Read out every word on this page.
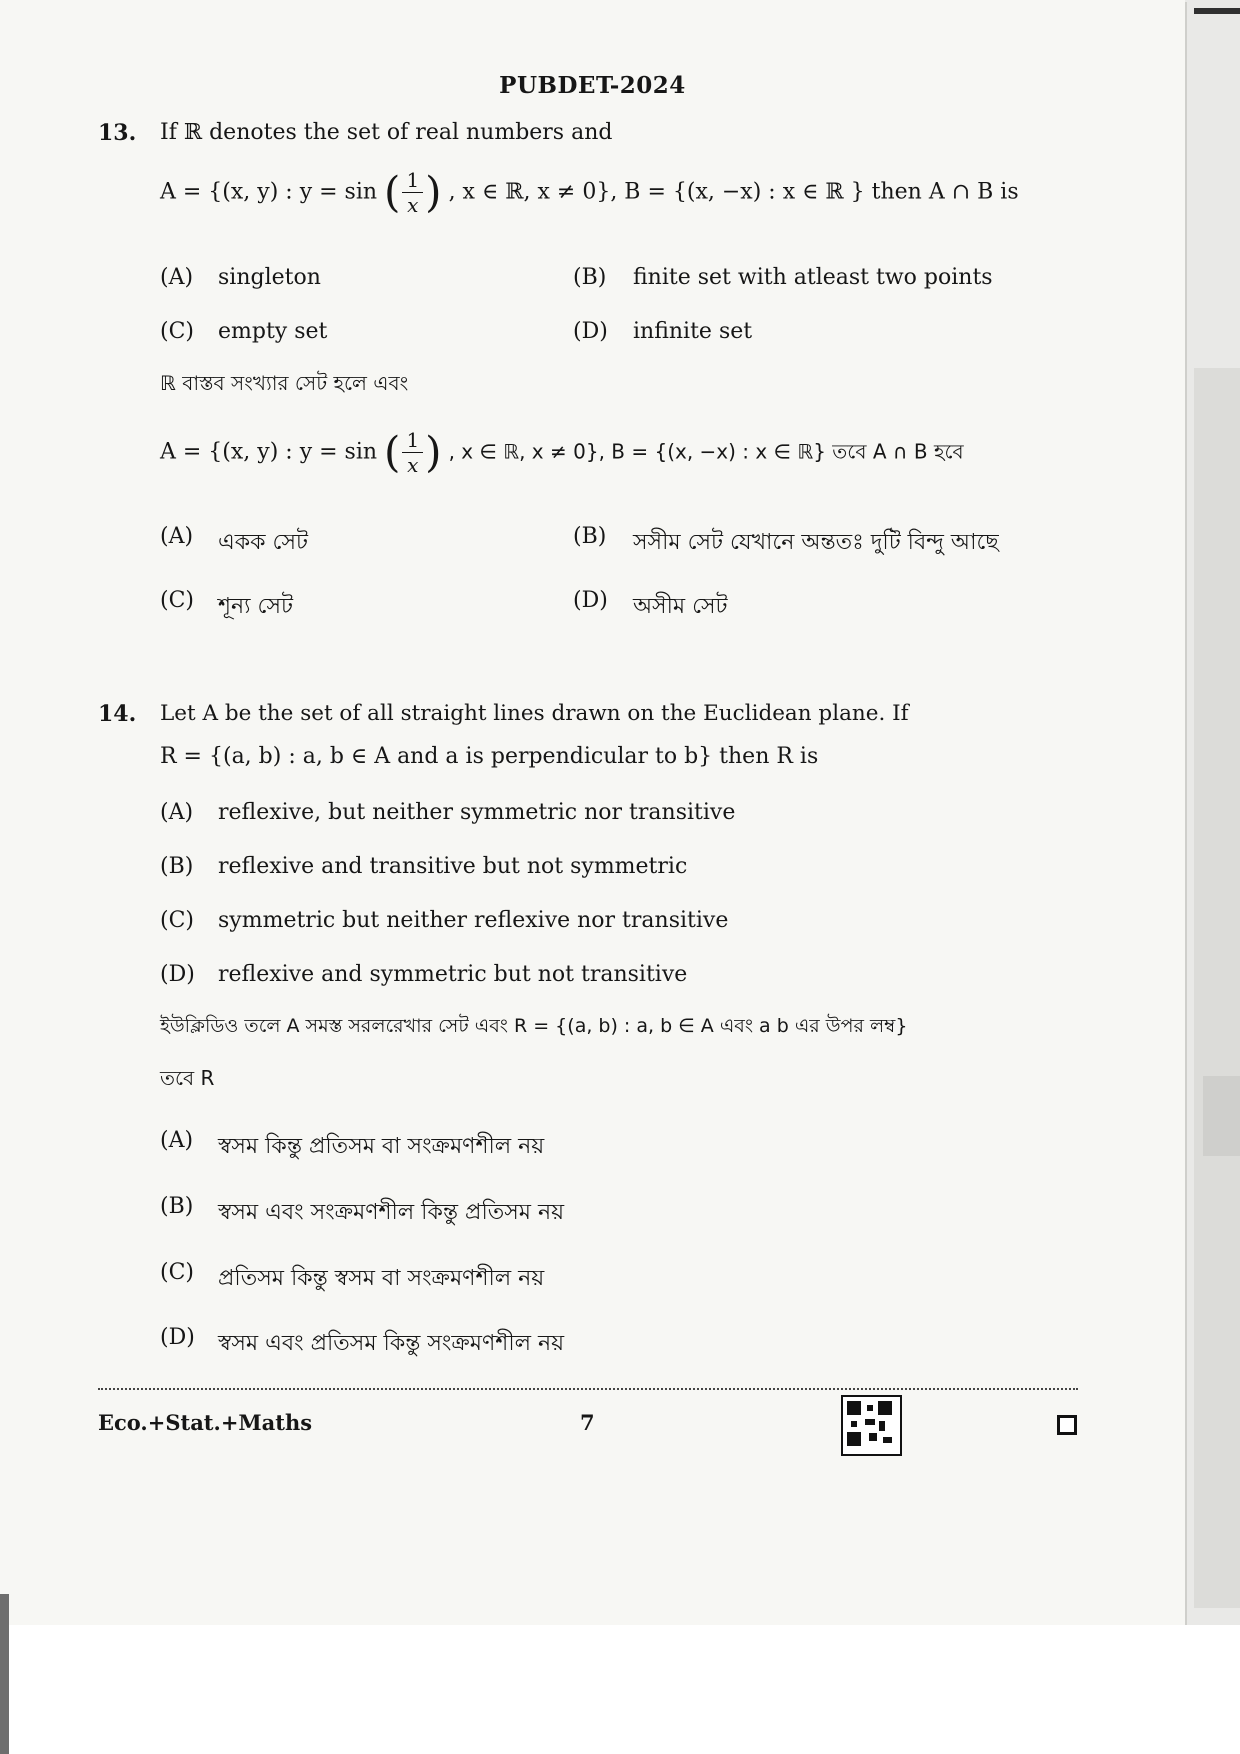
PUBDET-2024
13. If ℝ denotes the set of real numbers and
A = {(x, y) : y = sin ( $\frac{1}{x}$ ) , x ∈ ℝ, x ≠ 0}, B = {(x, −x) : x ∈ ℝ } then A ∩ B is
(A) singleton	(B) finite set with atleast two points
(C) empty set	(D) infinite set
ℝ বাস্তব সংখ্যার সেট হলে এবং
A = {(x, y) : y = sin ( $\frac{1}{x}$ ) , x ∈ ℝ, x ≠ 0}, B = {(x, −x) : x ∈ ℝ} তবে A ∩ B হবে
(A) একক সেট	(B) সসীম সেট যেখানে অন্ততঃ দুটি বিন্দু আছে
(C) শূন্য সেট	(D) অসীম সেট
14. Let A be the set of all straight lines drawn on the Euclidean plane. If
R = {(a, b) : a, b ∈ A and a is perpendicular to b} then R is
(A) reflexive, but neither symmetric nor transitive
(B) reflexive and transitive but not symmetric
(C) symmetric but neither reflexive nor transitive
(D) reflexive and symmetric but not transitive
ইউক্লিডিও তলে A সমস্ত সরলরেখার সেট এবং R = {(a, b) : a, b ∈ A এবং a b এর উপর লম্ব}
তবে R
(A) স্বসম কিন্তু প্রতিসম বা সংক্রমণশীল নয়
(B) স্বসম এবং সংক্রমণশীল কিন্তু প্রতিসম নয়
(C) প্রতিসম কিন্তু স্বসম বা সংক্রমণশীল নয়
(D) স্বসম এবং প্রতিসম কিন্তু সংক্রমণশীল নয়
Eco.+Stat.+Maths	7
